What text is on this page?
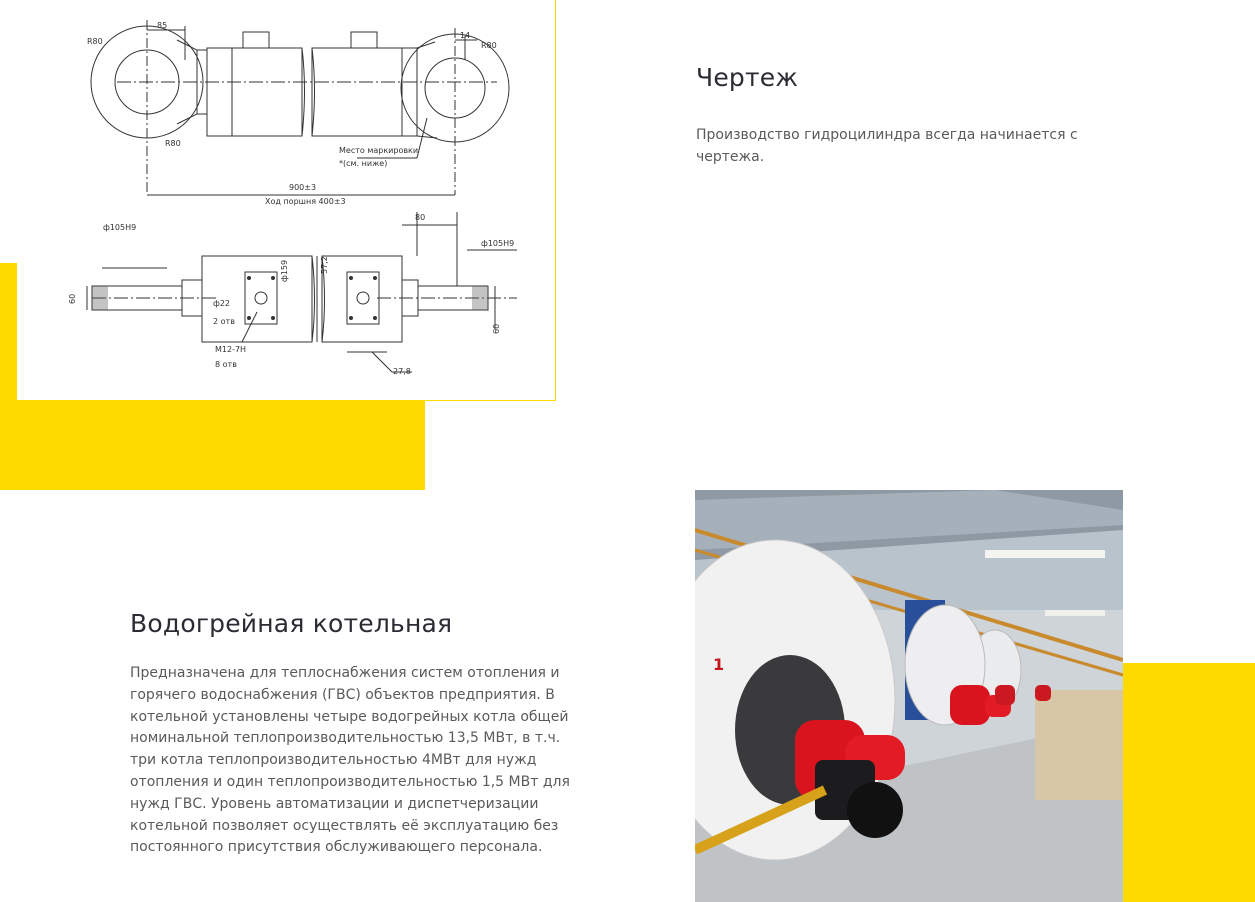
R80
85
14
R80
R80
Место маркировки
*(см. ниже)
900±3
Ход поршня 400±3
80
ф105Н9
ф105Н9
ф159	57,2
60
60
ф22
2 отв
М12-7Н
8 отв
27,8
Чертеж

Производство гидроцилиндра всегда начинается с чертежа.

Водогрейная котельная

Предназначена для теплоснабжения систем отопления и горячего водоснабжения (ГВС) объектов предприятия. В котельной установлены четыре водогрейных котла общей номинальной теплопроизводительностью 13,5 МВт, в т.ч. три котла теплопроизводительностью 4МВт для нужд отопления и один теплопроизводительностью 1,5 МВт для нужд ГВС. Уровень автоматизации и диспетчеризации котельной позволяет осуществлять её эксплуатацию без постоянного присутствия обслуживающего персонала.

1
